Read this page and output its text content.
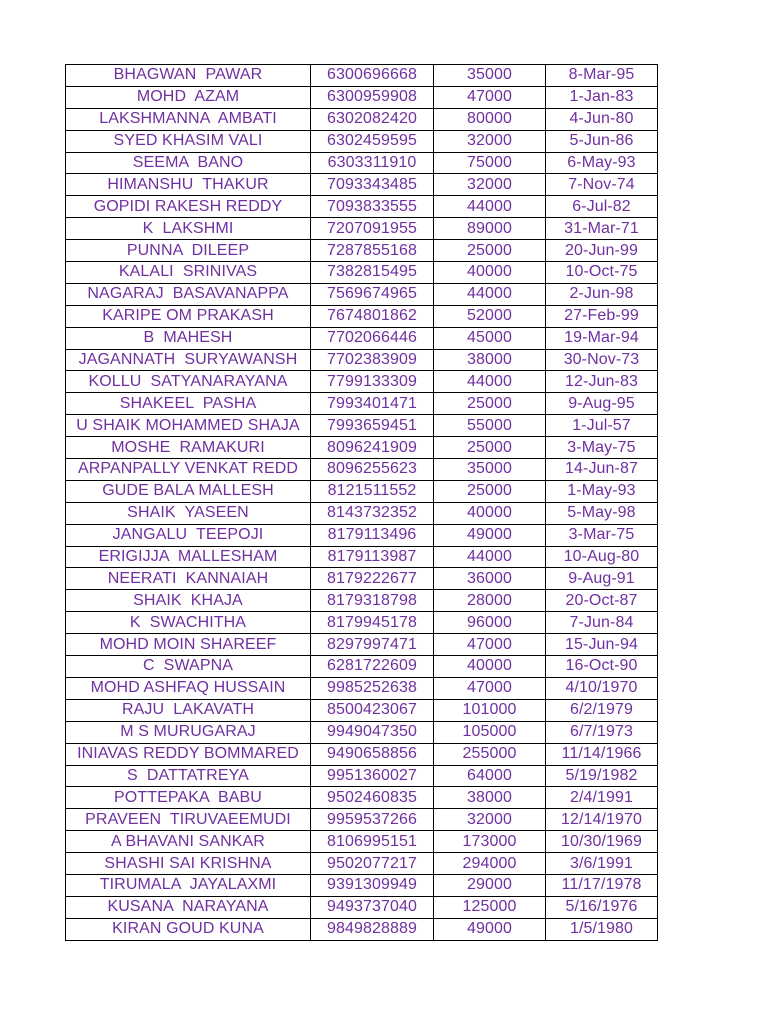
BHAGWAN  PAWAR	6300696668	35000	8-Mar-95
MOHD  AZAM	6300959908	47000	1-Jan-83
LAKSHMANNA  AMBATI	6302082420	80000	4-Jun-80
SYED KHASIM VALI	6302459595	32000	5-Jun-86
SEEMA  BANO	6303311910	75000	6-May-93
HIMANSHU  THAKUR	7093343485	32000	7-Nov-74
GOPIDI RAKESH REDDY	7093833555	44000	6-Jul-82
K  LAKSHMI	7207091955	89000	31-Mar-71
PUNNA  DILEEP	7287855168	25000	20-Jun-99
KALALI  SRINIVAS	7382815495	40000	10-Oct-75
NAGARAJ  BASAVANAPPA	7569674965	44000	2-Jun-98
KARIPE OM PRAKASH	7674801862	52000	27-Feb-99
B  MAHESH	7702066446	45000	19-Mar-94
JAGANNATH  SURYAWANSH	7702383909	38000	30-Nov-73
KOLLU  SATYANARAYANA	7799133309	44000	12-Jun-83
SHAKEEL  PASHA	7993401471	25000	9-Aug-95
U SHAIK MOHAMMED SHAJA	7993659451	55000	1-Jul-57
MOSHE  RAMAKURI	8096241909	25000	3-May-75
ARPANPALLY VENKAT REDD	8096255623	35000	14-Jun-87
GUDE BALA MALLESH	8121511552	25000	1-May-93
SHAIK  YASEEN	8143732352	40000	5-May-98
JANGALU  TEEPOJI	8179113496	49000	3-Mar-75
ERIGIJJA  MALLESHAM	8179113987	44000	10-Aug-80
NEERATI  KANNAIAH	8179222677	36000	9-Aug-91
SHAIK  KHAJA	8179318798	28000	20-Oct-87
K  SWACHITHA	8179945178	96000	7-Jun-84
MOHD MOIN SHAREEF	8297997471	47000	15-Jun-94
C  SWAPNA	6281722609	40000	16-Oct-90
MOHD ASHFAQ HUSSAIN	9985252638	47000	4/10/1970
RAJU  LAKAVATH	8500423067	101000	6/2/1979
M S MURUGARAJ	9949047350	105000	6/7/1973
INIAVAS REDDY BOMMARED	9490658856	255000	11/14/1966
S  DATTATREYA	9951360027	64000	5/19/1982
POTTEPAKA  BABU	9502460835	38000	2/4/1991
PRAVEEN  TIRUVAEEMUDI	9959537266	32000	12/14/1970
A BHAVANI SANKAR	8106995151	173000	10/30/1969
SHASHI SAI KRISHNA	9502077217	294000	3/6/1991
TIRUMALA  JAYALAXMI	9391309949	29000	11/17/1978
KUSANA  NARAYANA	9493737040	125000	5/16/1976
KIRAN GOUD KUNA	9849828889	49000	1/5/1980
